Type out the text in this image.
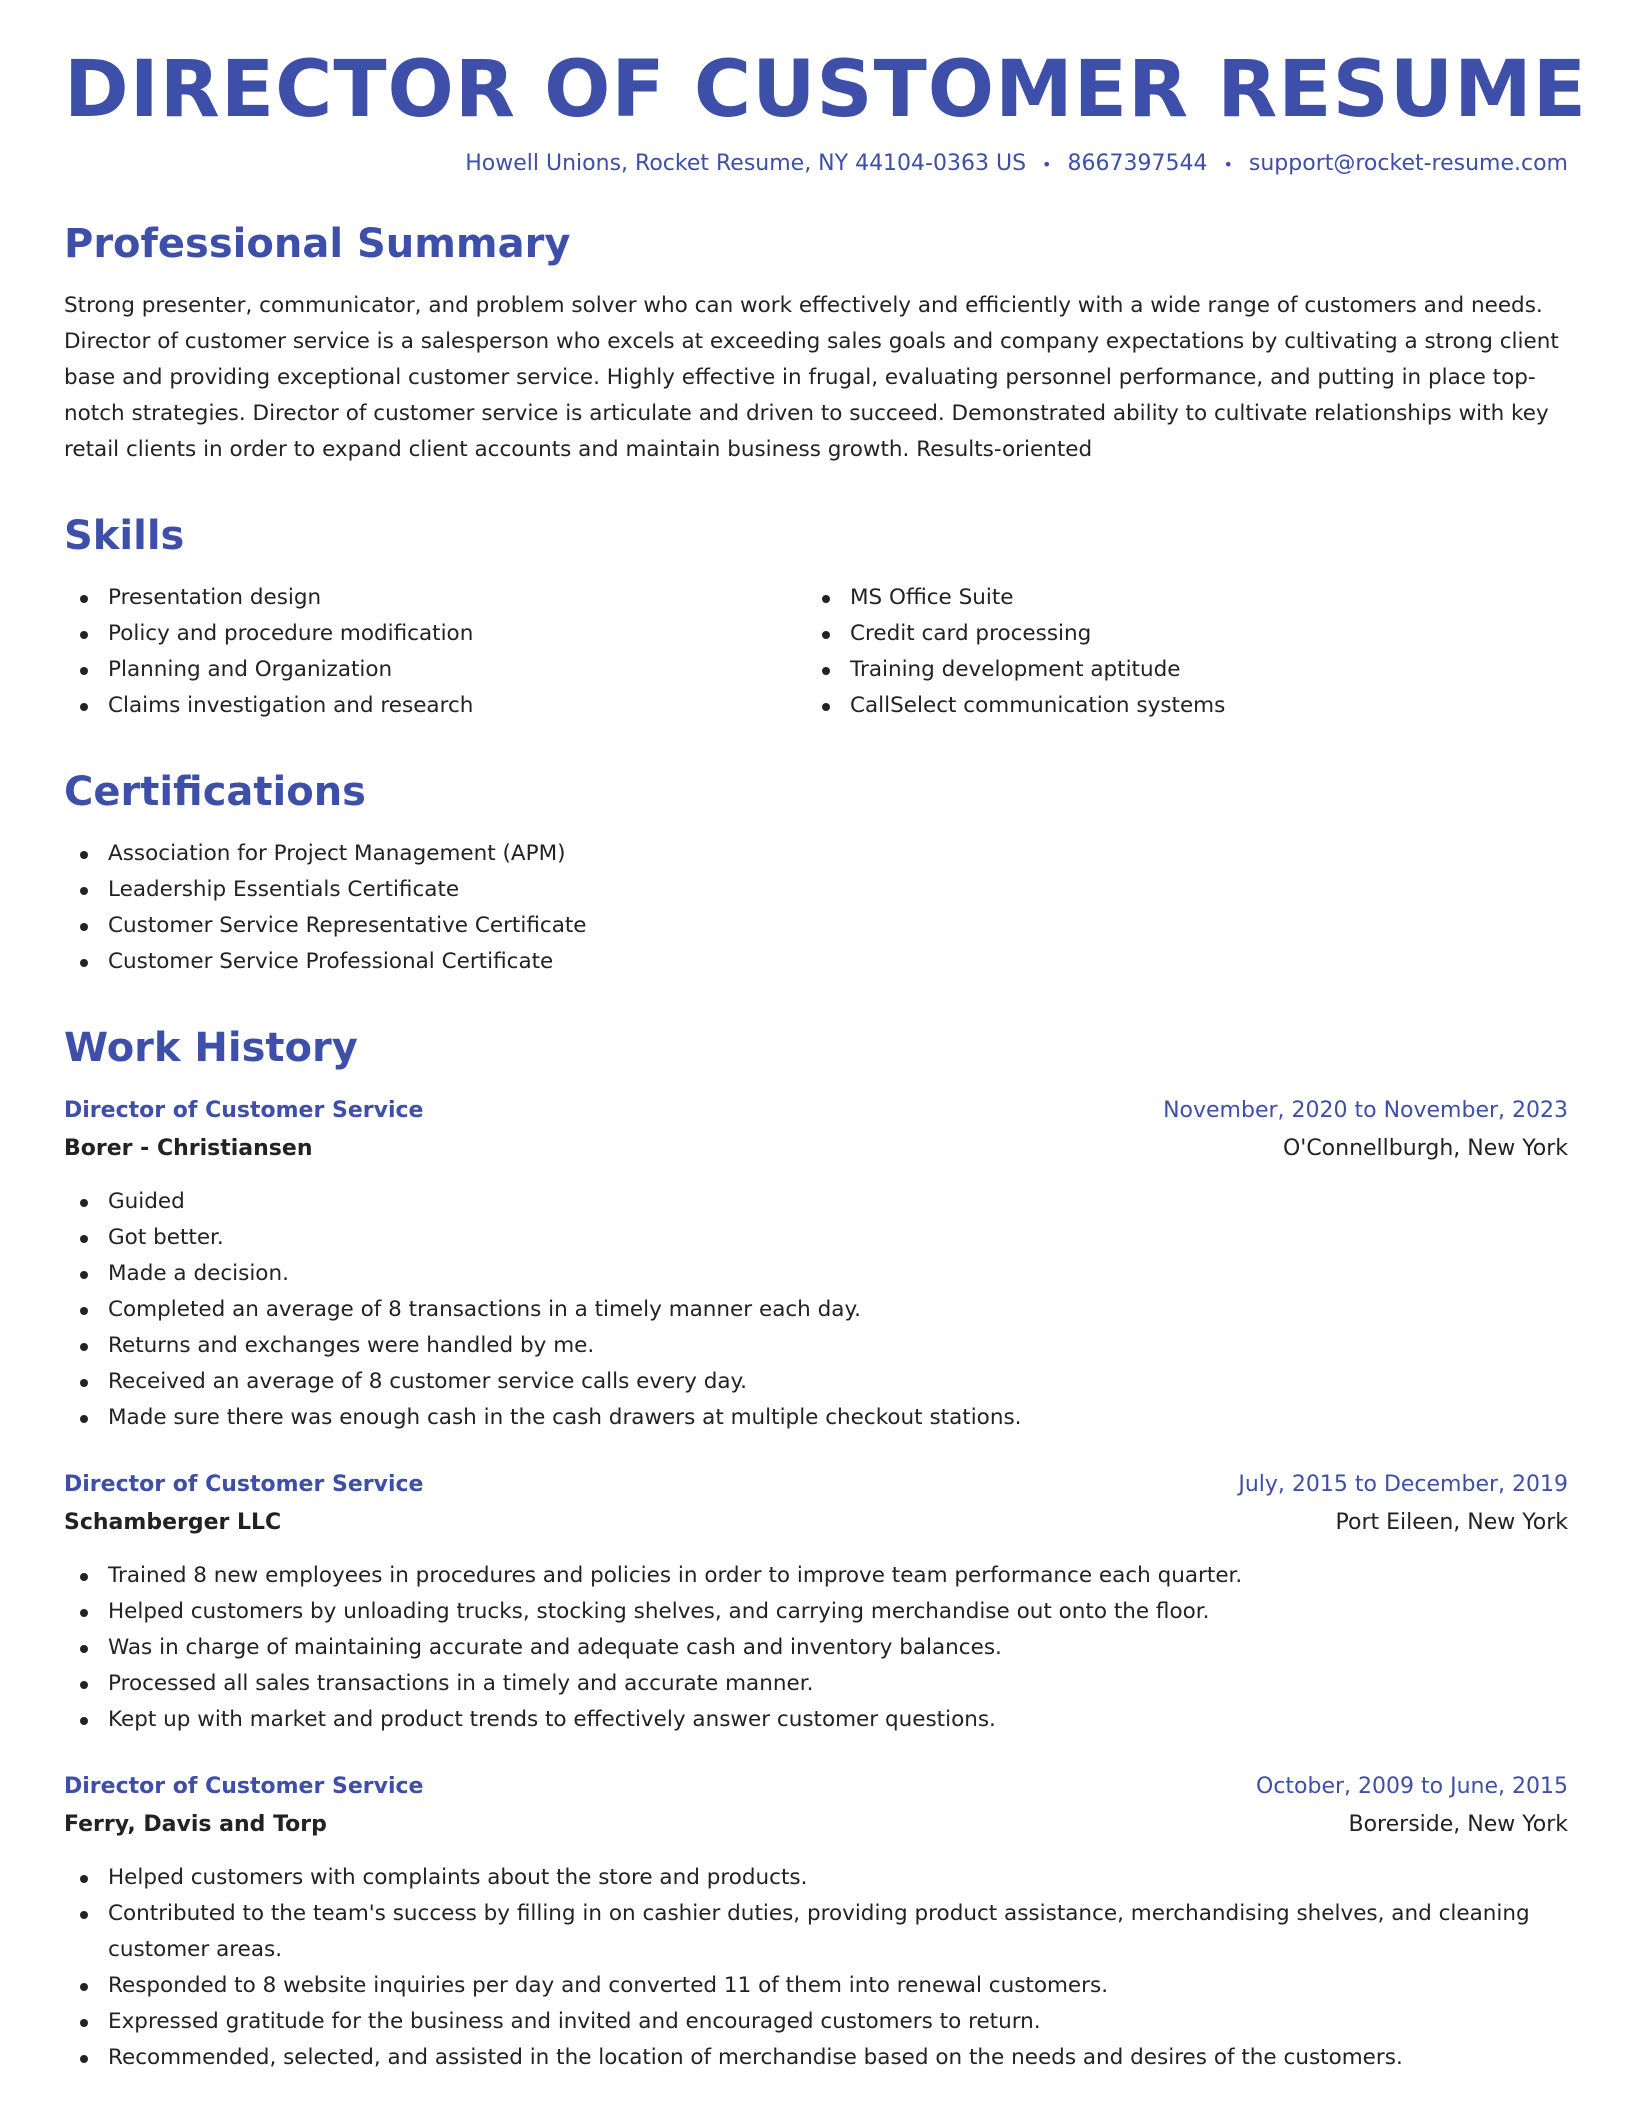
DIRECTOR OF CUSTOMER RESUME
Howell Unions, Rocket Resume, NY 44104-0363 US • 8667397544 • support@rocket-resume.com
Professional Summary

Strong presenter, communicator, and problem solver who can work effectively and efficiently with a wide range of customers and needs. Director of customer service is a salesperson who excels at exceeding sales goals and company expectations by cultivating a strong client base and providing exceptional customer service. Highly effective in frugal, evaluating personnel performance, and putting in place top-notch strategies. Director of customer service is articulate and driven to succeed. Demonstrated ability to cultivate relationships with key retail clients in order to expand client accounts and maintain business growth. Results-oriented

Skills
Presentation design
Policy and procedure modification
Planning and Organization
Claims investigation and research
MS Office Suite
Credit card processing
Training development aptitude
CallSelect communication systems
Certifications
Association for Project Management (APM)
Leadership Essentials Certificate
Customer Service Representative Certificate
Customer Service Professional Certificate
Work History
Director of Customer Service	November, 2020 to November, 2023
Borer - Christiansen	O'Connellburgh, New York
Guided
Got better.
Made a decision.
Completed an average of 8 transactions in a timely manner each day.
Returns and exchanges were handled by me.
Received an average of 8 customer service calls every day.
Made sure there was enough cash in the cash drawers at multiple checkout stations.
Director of Customer Service	July, 2015 to December, 2019
Schamberger LLC	Port Eileen, New York
Trained 8 new employees in procedures and policies in order to improve team performance each quarter.
Helped customers by unloading trucks, stocking shelves, and carrying merchandise out onto the floor.
Was in charge of maintaining accurate and adequate cash and inventory balances.
Processed all sales transactions in a timely and accurate manner.
Kept up with market and product trends to effectively answer customer questions.
Director of Customer Service	October, 2009 to June, 2015
Ferry, Davis and Torp	Borerside, New York
Helped customers with complaints about the store and products.
Contributed to the team's success by filling in on cashier duties, providing product assistance, merchandising shelves, and cleaning customer areas.
Responded to 8 website inquiries per day and converted 11 of them into renewal customers.
Expressed gratitude for the business and invited and encouraged customers to return.
Recommended, selected, and assisted in the location of merchandise based on the needs and desires of the customers.
